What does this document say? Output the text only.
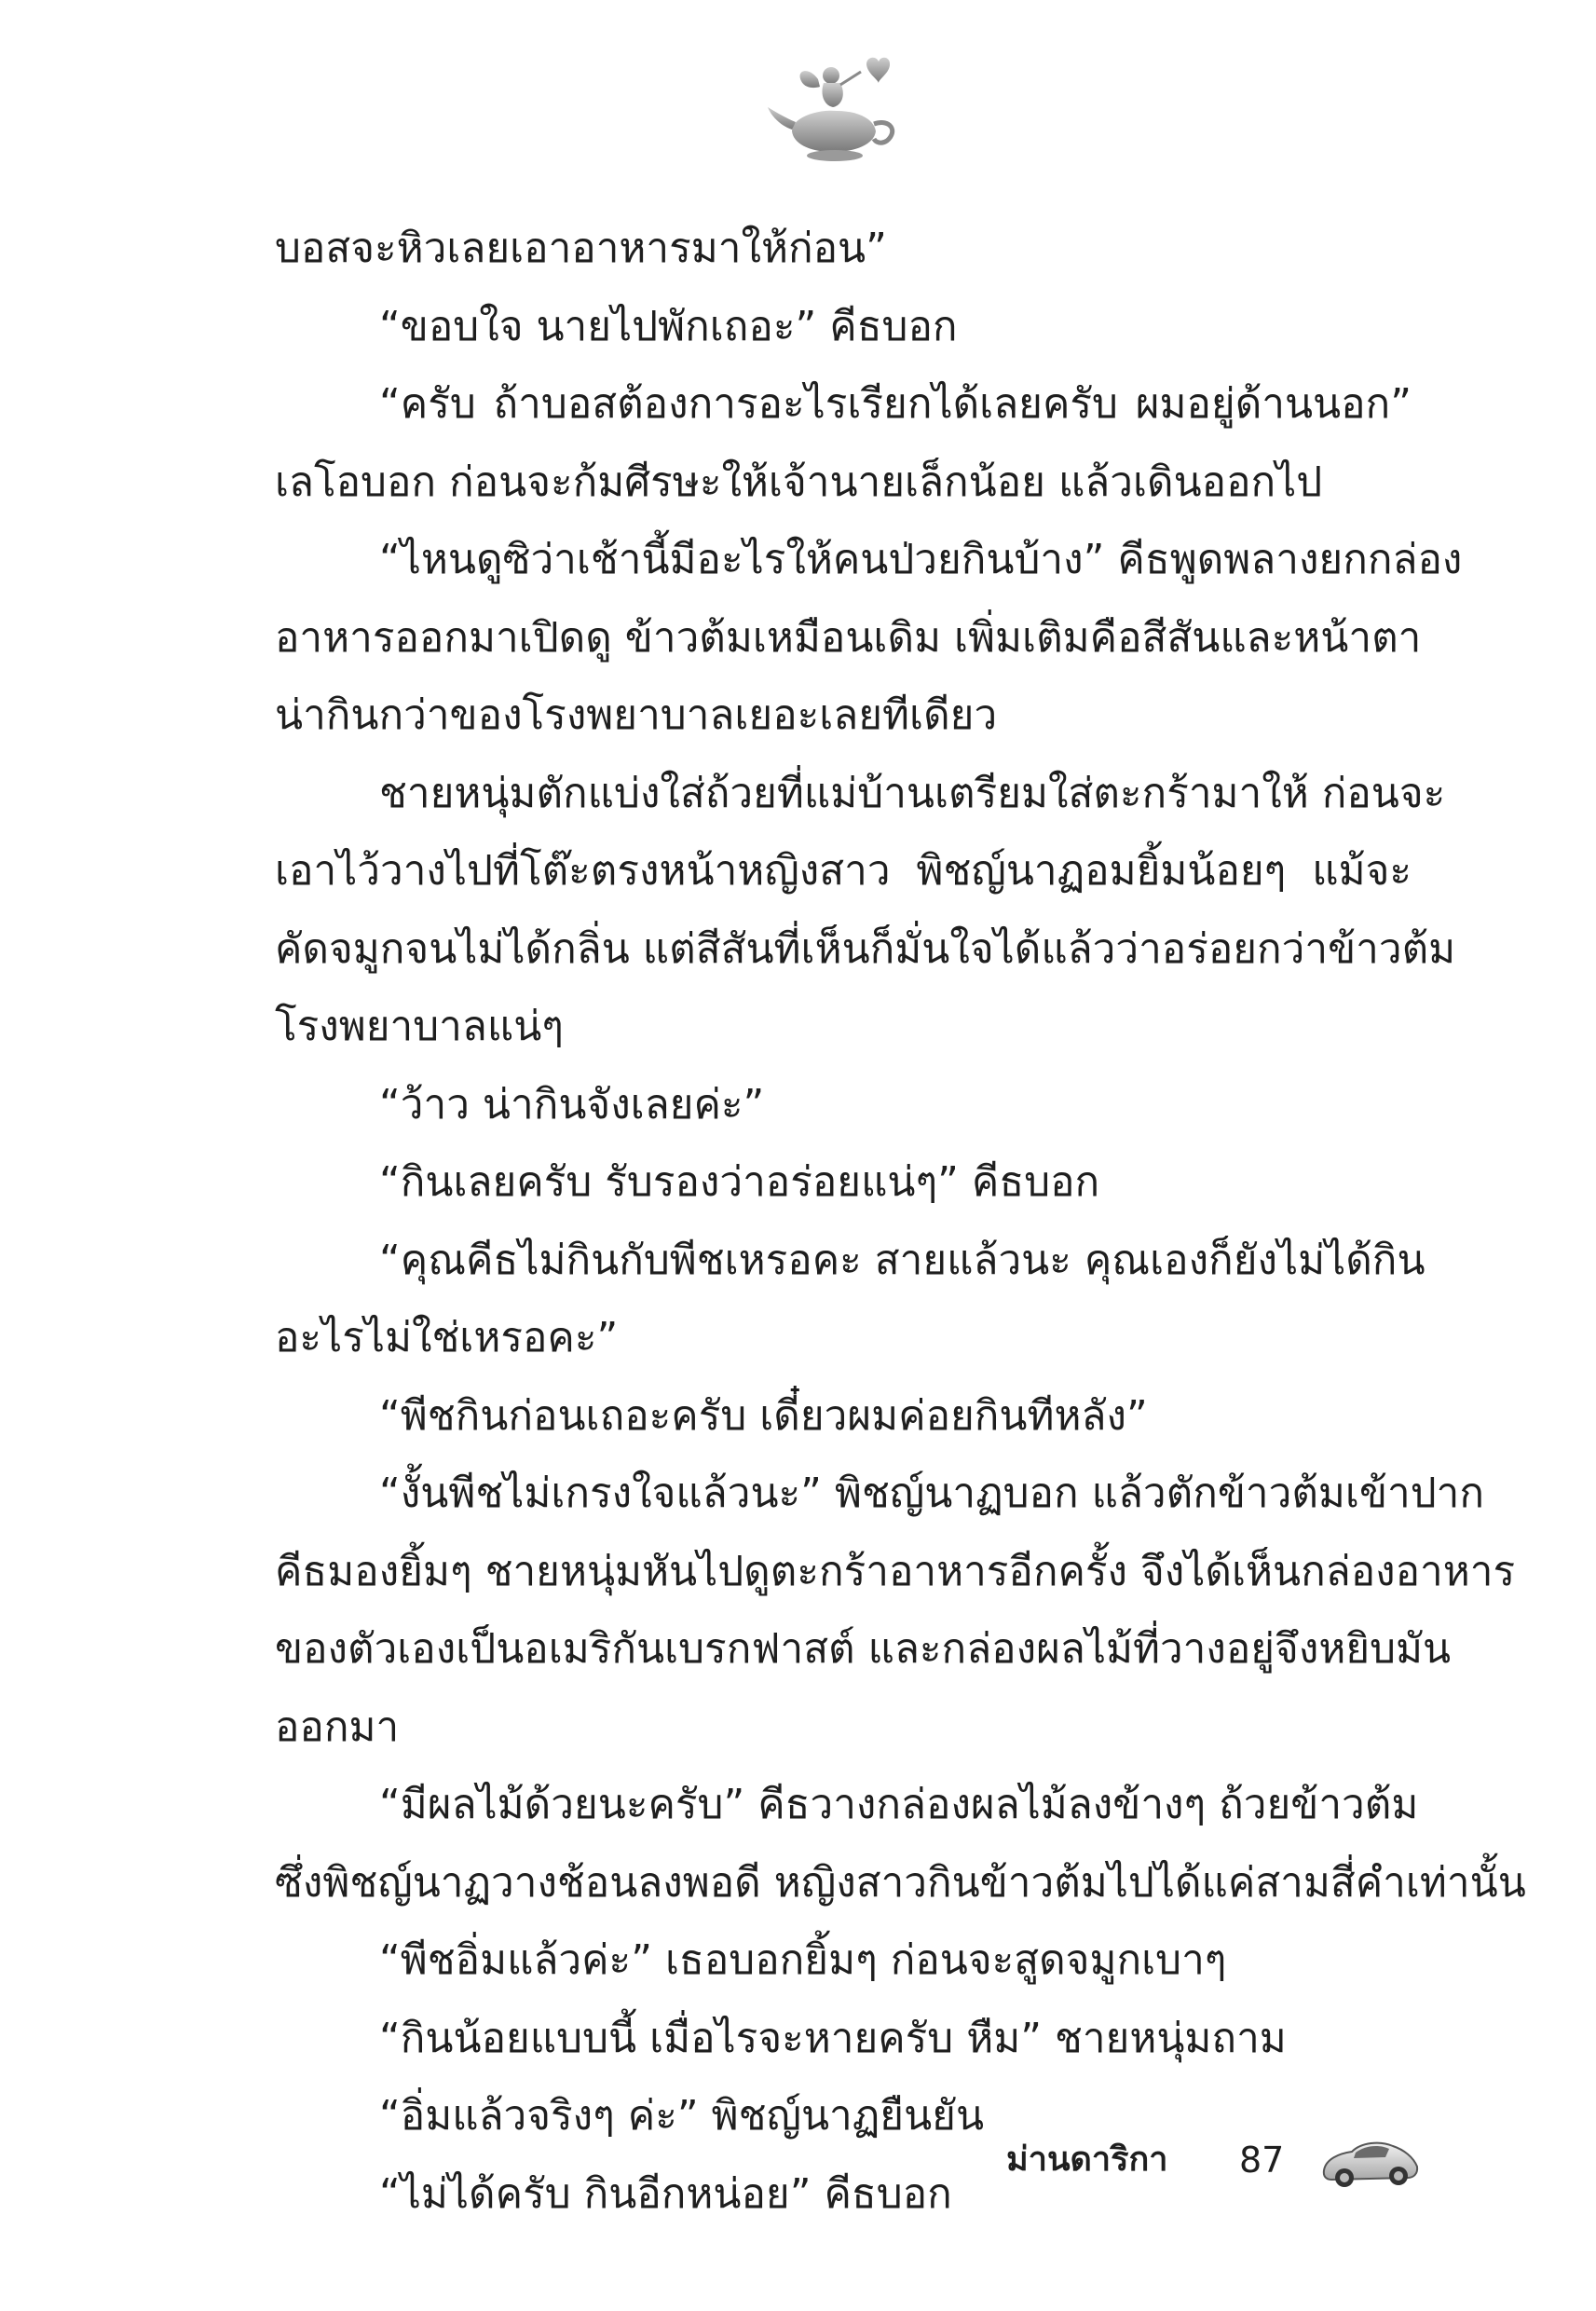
บอสจะหิวเลยเอาอาหารมาให้ก่อน”

“ขอบใจ นายไปพักเถอะ” คีธบอก

“ครับ ถ้าบอสต้องการอะไรเรียกได้เลยครับ ผมอยู่ด้านนอก”

เลโอบอก ก่อนจะก้มศีรษะให้เจ้านายเล็กน้อย แล้วเดินออกไป

“ไหนดูซิว่าเช้านี้มีอะไรให้คนป่วยกินบ้าง” คีธพูดพลางยกกล่อง

อาหารออกมาเปิดดู ข้าวต้มเหมือนเดิม เพิ่มเติมคือสีสันและหน้าตา

น่ากินกว่าของโรงพยาบาลเยอะเลยทีเดียว

ชายหนุ่มตักแบ่งใส่ถ้วยที่แม่บ้านเตรียมใส่ตะกร้ามาให้ ก่อนจะ

เอาไว้วางไปที่โต๊ะตรงหน้าหญิงสาว พิชญ์นาฏอมยิ้มน้อยๆ แม้จะ

คัดจมูกจนไม่ได้กลิ่น แต่สีสันที่เห็นก็มั่นใจได้แล้วว่าอร่อยกว่าข้าวต้ม

โรงพยาบาลแน่ๆ

“ว้าว น่ากินจังเลยค่ะ”

“กินเลยครับ รับรองว่าอร่อยแน่ๆ” คีธบอก

“คุณคีธไม่กินกับพีชเหรอคะ สายแล้วนะ คุณเองก็ยังไม่ได้กิน

อะไรไม่ใช่เหรอคะ”

“พีชกินก่อนเถอะครับ เดี๋ยวผมค่อยกินทีหลัง”

“งั้นพีชไม่เกรงใจแล้วนะ” พิชญ์นาฏบอก แล้วตักข้าวต้มเข้าปาก

คีธมองยิ้มๆ ชายหนุ่มหันไปดูตะกร้าอาหารอีกครั้ง จึงได้เห็นกล่องอาหาร

ของตัวเองเป็นอเมริกันเบรกฟาสต์ และกล่องผลไม้ที่วางอยู่จึงหยิบมัน

ออกมา

“มีผลไม้ด้วยนะครับ” คีธวางกล่องผลไม้ลงข้างๆ ถ้วยข้าวต้ม

ซึ่งพิชญ์นาฏวางช้อนลงพอดี หญิงสาวกินข้าวต้มไปได้แค่สามสี่คำเท่านั้น

“พีชอิ่มแล้วค่ะ” เธอบอกยิ้มๆ ก่อนจะสูดจมูกเบาๆ

“กินน้อยแบบนี้ เมื่อไรจะหายครับ หืม” ชายหนุ่มถาม

“อิ่มแล้วจริงๆ ค่ะ” พิชญ์นาฏยืนยัน

“ไม่ได้ครับ กินอีกหน่อย” คีธบอก

ม่านดาริกา 87
